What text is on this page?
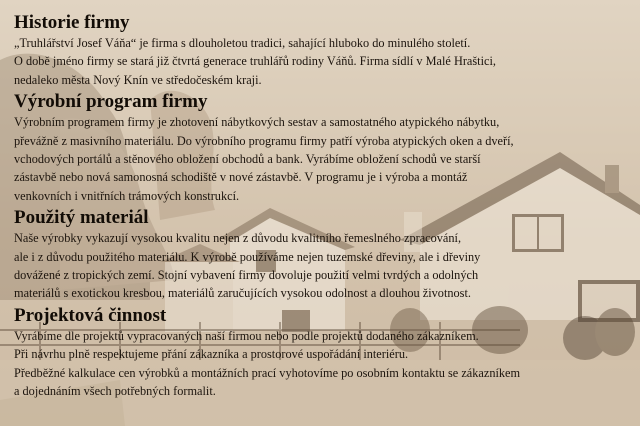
Historie firmy

„Truhlářství Josef Váňa“ je firma s dlouholetou tradici, sahající hluboko do minulého století.
O době jméno firmy se stará již čtvrtá generace truhlářů rodiny Váňů. Firma sídlí v Malé Hraštici,
nedaleko města Nový Knín ve středočeském kraji.

Výrobní program firmy

Výrobním programem firmy je zhotovení nábytkových sestav a samostatného atypického nábytku,
převážně z masivního materiálu. Do výrobního programu firmy patří výroba atypických oken a dveří,
vchodových portálů a stěnového obložení obchodů a bank. Vyrábíme obložení schodů ve starší
zástavbě nebo nová samonosná schodiště v nové zástavbě. V programu je i výroba a montáž
venkovních i vnitřních trámových konstrukcí.

Použitý materiál

Naše výrobky vykazují vysokou kvalitu nejen z důvodu kvalitního řemeslného zpracování,
ale i z důvodu použitého materiálu. K výrobě používáme nejen tuzemské dřeviny, ale i dřeviny
dovážené z tropických zemí. Stojní vybavení firmy dovoluje použití velmi tvrdých a odolných
materiálů s exotickou kresbou, materiálů zaručujících vysokou odolnost a dlouhou životnost.

Projektová činnost

Vyrábíme dle projektů vypracovaných naší firmou nebo podle projektů dodaného zákazníkem.
Při návrhu plně respektujeme přání zákazníka a prostorové uspořádání interiéru.
Předběžné kalkulace cen výrobků a montážních prací vyhotovíme po osobním kontaktu se zákazníkem
a dojednáním všech potřebných formalit.
